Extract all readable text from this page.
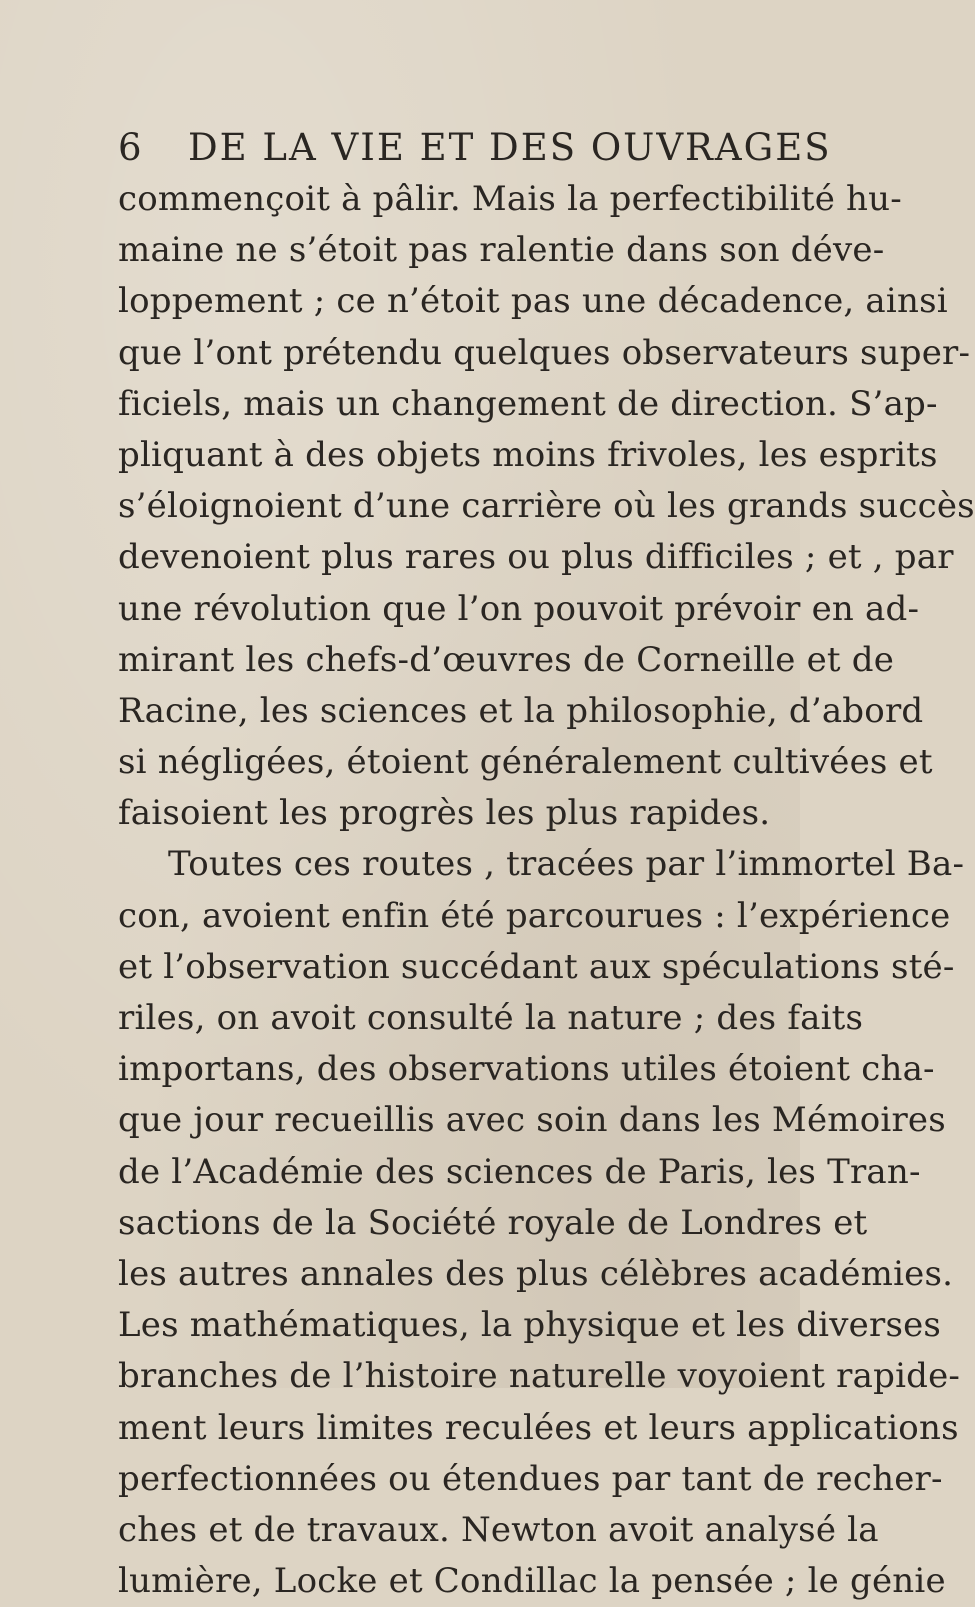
6 DE LA VIE ET DES OUVRAGES
commençoit à pâlir. Mais la perfectibilité hu-
maine ne s’étoit pas ralentie dans son déve-
loppement ; ce n’étoit pas une décadence, ainsi
que l’ont prétendu quelques observateurs super-
ficiels, mais un changement de direction. S’ap-
pliquant à des objets moins frivoles, les esprits
s’éloignoient d’une carrière où les grands succès
devenoient plus rares ou plus difficiles ; et , par
une révolution que l’on pouvoit prévoir en ad-
mirant les chefs-d’œuvres de Corneille et de
Racine, les sciences et la philosophie, d’abord
si négligées, étoient généralement cultivées et
faisoient les progrès les plus rapides.
Toutes ces routes , tracées par l’immortel Ba-
con, avoient enfin été parcourues : l’expérience
et l’observation succédant aux spéculations sté-
riles, on avoit consulté la nature ; des faits
importans, des observations utiles étoient cha-
que jour recueillis avec soin dans les Mémoires
de l’Académie des sciences de Paris, les Tran-
sactions de la Société royale de Londres et
les autres annales des plus célèbres académies.
Les mathématiques, la physique et les diverses
branches de l’histoire naturelle voyoient rapide-
ment leurs limites reculées et leurs applications
perfectionnées ou étendues par tant de recher-
ches et de travaux. Newton avoit analysé la
lumière, Locke et Condillac la pensée ; le génie
